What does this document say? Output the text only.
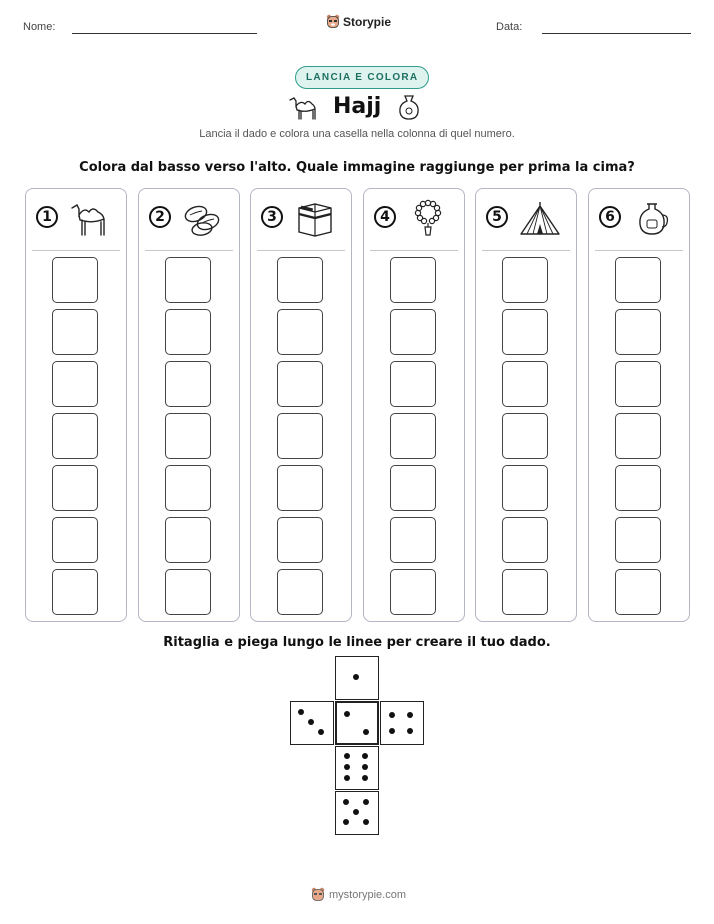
Nome:	Storypie	Data:
LANCIA E COLORA
Hajj
Lancia il dado e colora una casella nella colonna di quel numero.
Colora dal basso verso l'alto. Quale immagine raggiunge per prima la cima?
1	2	3	4	5	6
Ritaglia e piega lungo le linee per creare il tuo dado.
mystorypie.com
